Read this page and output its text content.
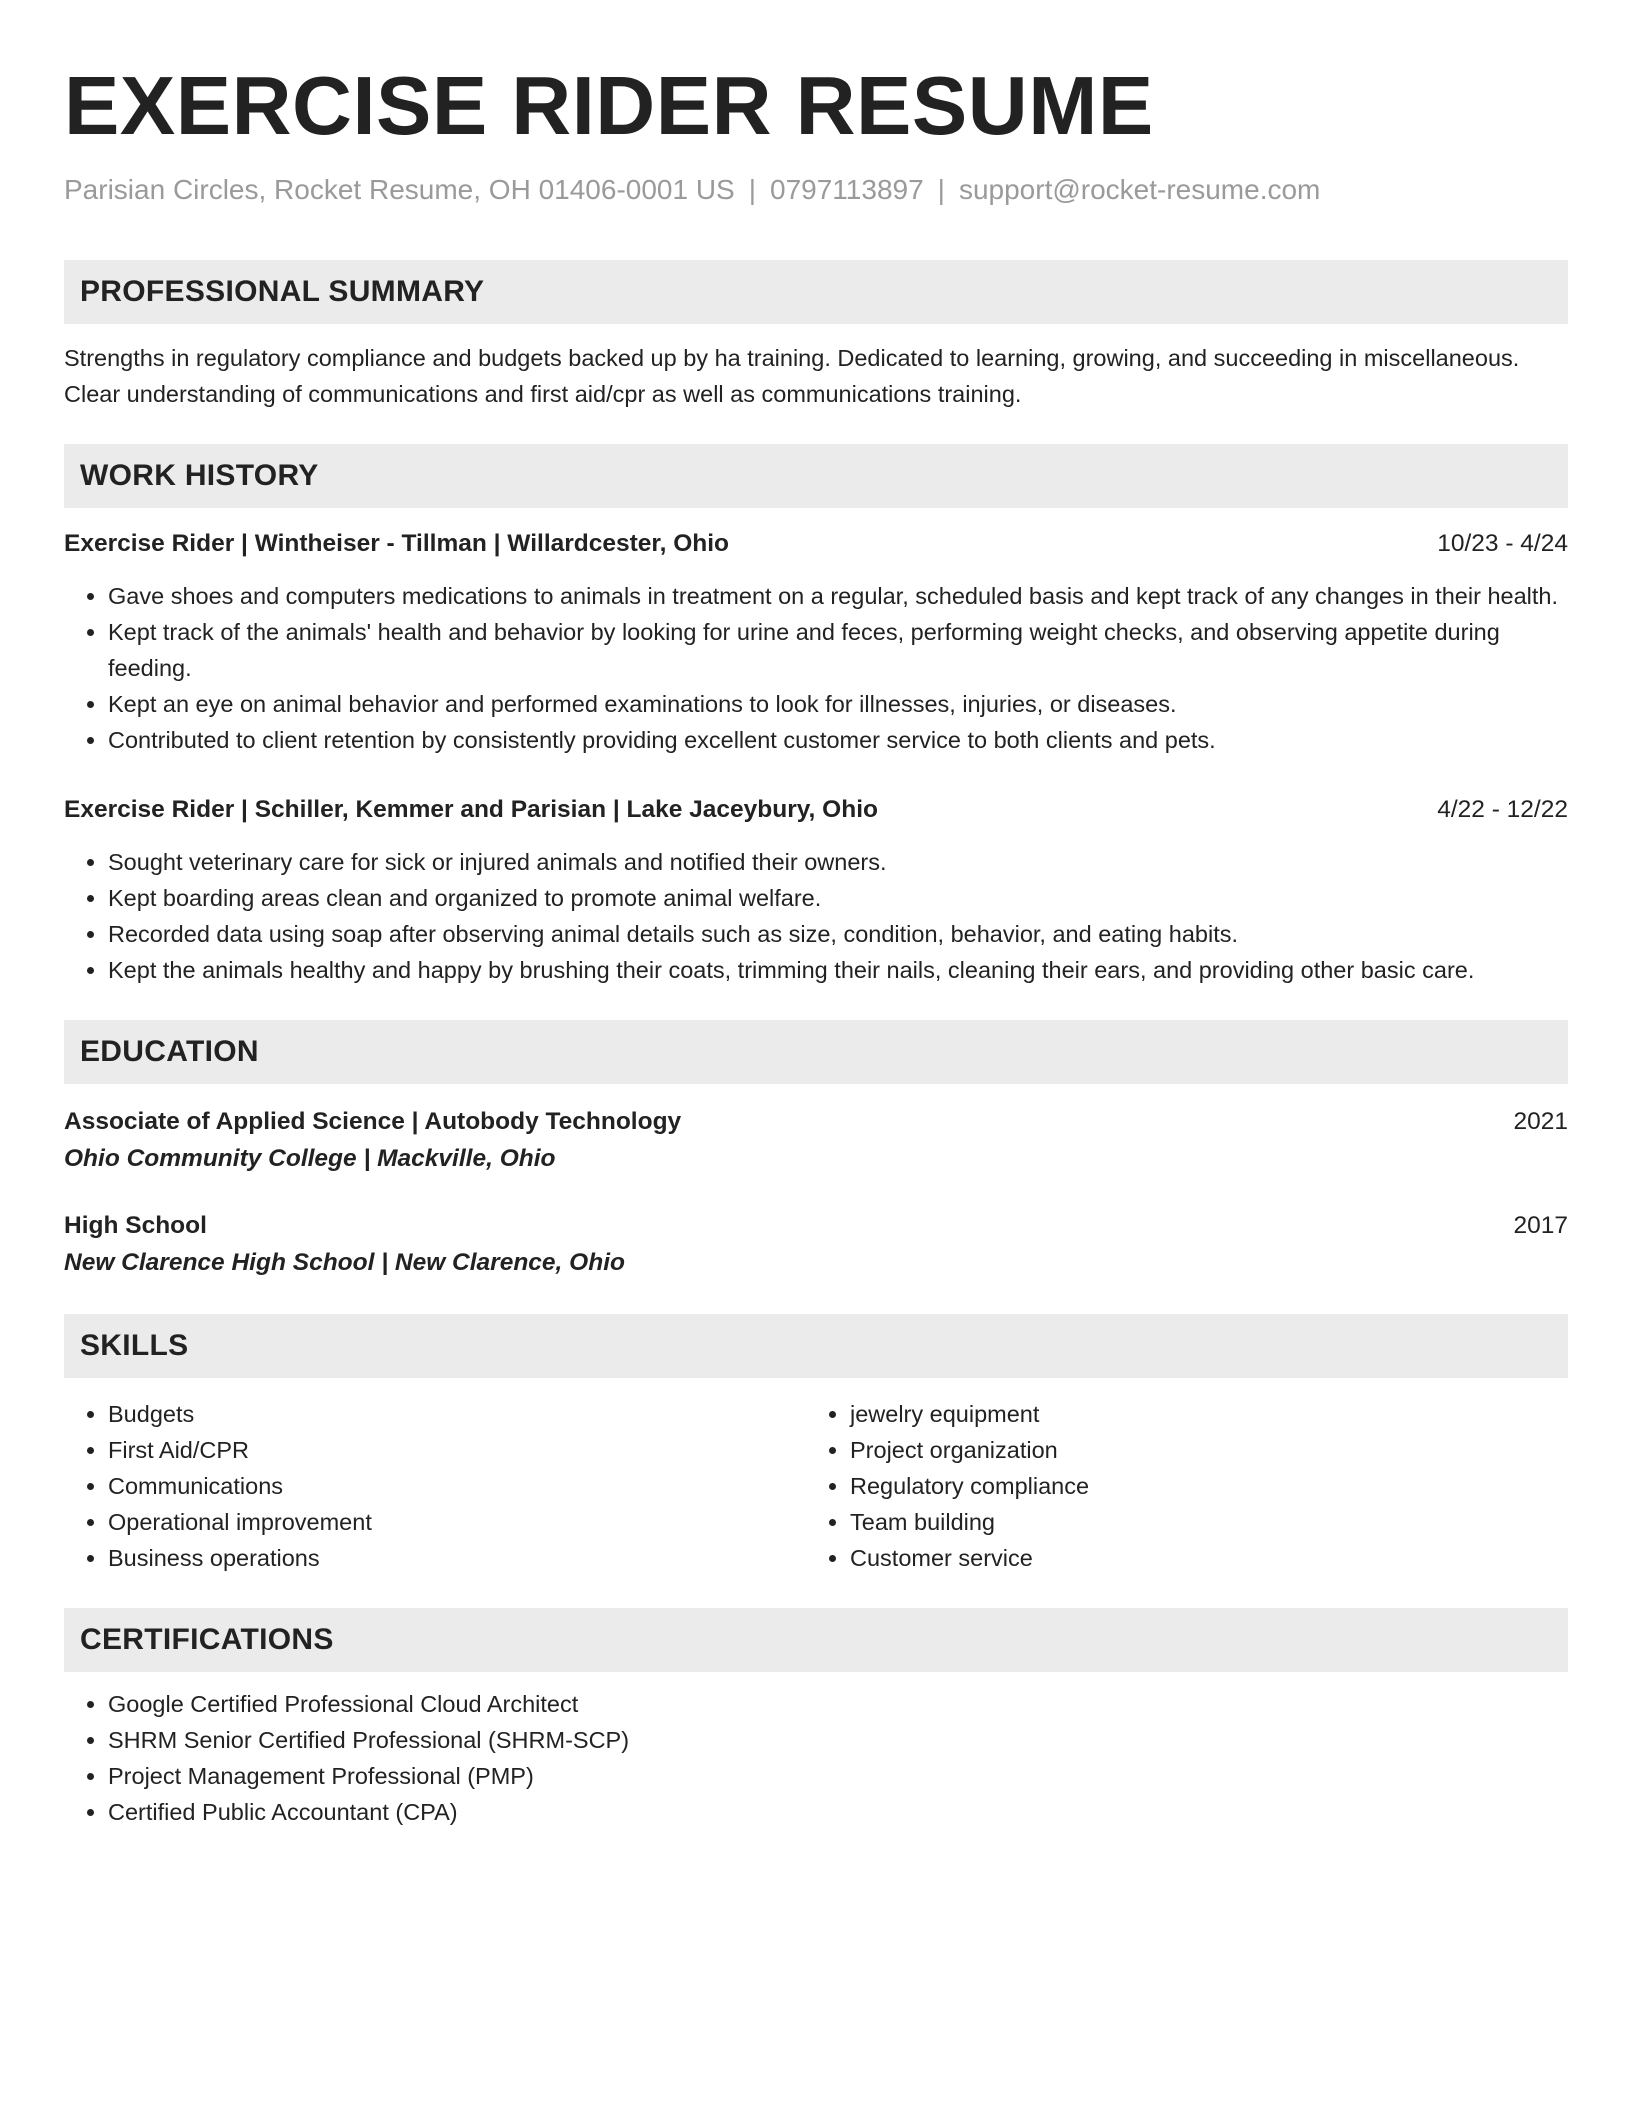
EXERCISE RIDER RESUME
Parisian Circles, Rocket Resume, OH 01406-0001 US | 0797113897 | support@rocket-resume.com
PROFESSIONAL SUMMARY
Strengths in regulatory compliance and budgets backed up by ha training. Dedicated to learning, growing, and succeeding in miscellaneous. Clear understanding of communications and first aid/cpr as well as communications training.
WORK HISTORY
Exercise Rider | Wintheiser - Tillman | Willardcester, Ohio	10/23 - 4/24
• Gave shoes and computers medications to animals in treatment on a regular, scheduled basis and kept track of any changes in their health.
• Kept track of the animals' health and behavior by looking for urine and feces, performing weight checks, and observing appetite during feeding.
• Kept an eye on animal behavior and performed examinations to look for illnesses, injuries, or diseases.
• Contributed to client retention by consistently providing excellent customer service to both clients and pets.
Exercise Rider | Schiller, Kemmer and Parisian | Lake Jaceybury, Ohio	4/22 - 12/22
• Sought veterinary care for sick or injured animals and notified their owners.
• Kept boarding areas clean and organized to promote animal welfare.
• Recorded data using soap after observing animal details such as size, condition, behavior, and eating habits.
• Kept the animals healthy and happy by brushing their coats, trimming their nails, cleaning their ears, and providing other basic care.
EDUCATION
Associate of Applied Science | Autobody Technology	2021
Ohio Community College | Mackville, Ohio
High School	2017
New Clarence High School | New Clarence, Ohio
SKILLS
• Budgets
• First Aid/CPR
• Communications
• Operational improvement
• Business operations
• jewelry equipment
• Project organization
• Regulatory compliance
• Team building
• Customer service
CERTIFICATIONS
• Google Certified Professional Cloud Architect
• SHRM Senior Certified Professional (SHRM-SCP)
• Project Management Professional (PMP)
• Certified Public Accountant (CPA)
